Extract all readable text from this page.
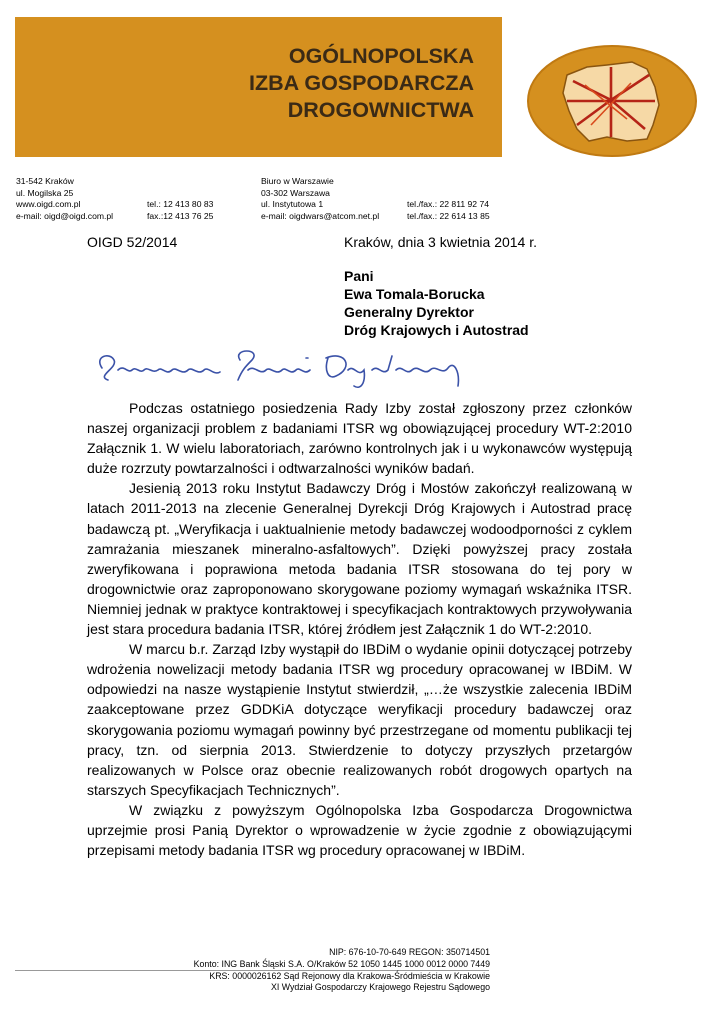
OGÓLNOPOLSKA
IZBA GOSPODARCZA
DROGOWNICTWA
31-542 Kraków
ul. Mogilska 25
www.oigd.com.pl	tel.: 12 413 80 83
e-mail: oigd@oigd.com.pl	fax.:12 413 76 25
Biuro w Warszawie
03-302 Warszawa
ul. Instytutowa 1	tel./fax.: 22 811 92 74
e-mail: oigdwars@atcom.net.pl	tel./fax.: 22 614 13 85
OIGD 52/2014	Kraków, dnia 3 kwietnia 2014 r.
Pani
Ewa Tomala-Borucka
Generalny Dyrektor
Dróg Krajowych i Autostrad

Podczas ostatniego posiedzenia Rady Izby został zgłoszony przez członków naszej organizacji problem z badaniami ITSR wg obowiązującej procedury WT-2:2010 Załącznik 1. W wielu laboratoriach, zarówno kontrolnych jak i u wykonawców występują duże rozrzuty powtarzalności i odtwarzalności wyników badań.

Jesienią 2013 roku Instytut Badawczy Dróg i Mostów zakończył realizowaną w latach 2011-2013 na zlecenie Generalnej Dyrekcji Dróg Krajowych i Autostrad pracę badawczą pt. „Weryfikacja i uaktualnienie metody badawczej wodoodporności z cyklem zamrażania mieszanek mineralno-asfaltowych”. Dzięki powyższej pracy została zweryfikowana i poprawiona metoda badania ITSR stosowana do tej pory w drogownictwie oraz zaproponowano skorygowane poziomy wymagań wskaźnika ITSR. Niemniej jednak w praktyce kontraktowej i specyfikacjach kontraktowych przywoływania jest stara procedura badania ITSR, której źródłem jest Załącznik 1 do WT-2:2010.

W marcu b.r. Zarząd Izby wystąpił do IBDiM o wydanie opinii dotyczącej potrzeby wdrożenia nowelizacji metody badania ITSR wg procedury opracowanej w IBDiM. W odpowiedzi na nasze wystąpienie Instytut stwierdził, „…że wszystkie zalecenia IBDiM zaakceptowane przez GDDKiA dotyczące weryfikacji procedury badawczej oraz skorygowania poziomu wymagań powinny być przestrzegane od momentu publikacji tej pracy, tzn. od sierpnia 2013. Stwierdzenie to dotyczy przyszłych przetargów realizowanych w Polsce oraz obecnie realizowanych robót drogowych opartych na starszych Specyfikacjach Technicznych”.

W związku z powyższym Ogólnopolska Izba Gospodarcza Drogownictwa uprzejmie prosi Panią Dyrektor o wprowadzenie w życie zgodnie z obowiązującymi przepisami metody badania ITSR wg procedury opracowanej w IBDiM.

NIP: 676-10-70-649 REGON: 350714501
Konto: ING Bank Śląski S.A. O/Kraków 52 1050 1445 1000 0012 0000 7449
KRS: 0000026162 Sąd Rejonowy dla Krakowa-Śródmieścia w Krakowie
XI Wydział Gospodarczy Krajowego Rejestru Sądowego
